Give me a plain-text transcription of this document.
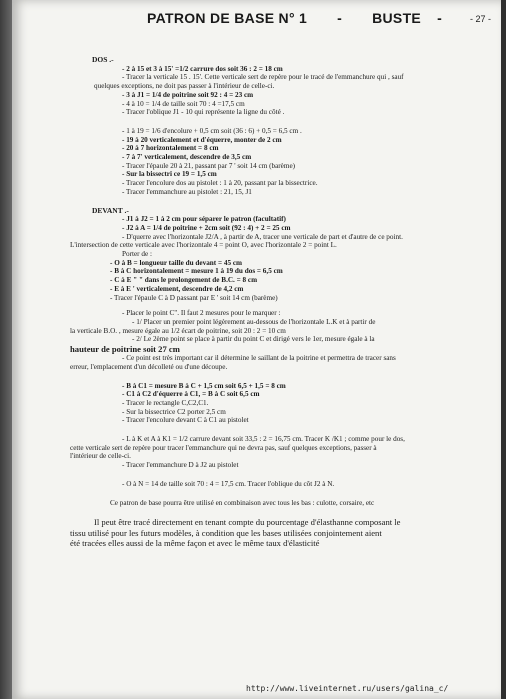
PATRON DE BASE N° 1 - BUSTE -	- 27 -
DOS .-
- 2 à 15 et 3 à 15' =1/2 carrure dos soit 36 : 2 = 18 cm
- Tracer la verticale 15 . 15'. Cette verticale sert de repère pour le tracé de l'emmanchure qui , sauf
quelques exceptions, ne doit pas passer à l'intérieur de celle-ci.
- 3 à J1 = 1/4 de poitrine soit 92 : 4 = 23 cm
- 4 à 10 = 1/4 de taille soit 70 : 4 =17,5 cm
- Tracer l'oblique J1 - 10 qui représente la ligne du côté .
- 1 à 19 = 1/6 d'encolure + 0,5 cm soit (36 : 6) + 0,5 = 6,5 cm .
- 19 à 20 verticalement et d'équerre, monter de 2 cm
- 20 à 7 horizontalement = 8 cm
- 7 à 7' verticalement, descendre de 3,5 cm
- Tracer l'épaule 20 à 21, passant par 7 ' soit 14 cm (barème)
- Sur la bissectri ce 19 = 1,5 cm
- Tracer l'encolure dos au pistolet : 1 à 20, passant par la bissectrice.
- Tracer l'emmanchure au pistolet : 21, 15, J1
DEVANT .-
- J1 à J2 = 1 à 2 cm pour séparer le patron (facultatif)
- J2 à A = 1/4 de poitrine + 2cm soit (92 : 4) + 2 = 25 cm
- D'querre avec l'horizontale J2/A , à partir de A, tracer une verticale de part et d'autre de ce point.
L'intersection de cette verticale avec l'horizontale 4 = point O, avec l'horizontale 2 = point L.
Porter de :
- O à B = longueur taille du devant = 45 cm
- B à C horizontalement = mesure 1 à 19 du dos = 6,5 cm
- C à E " " dans le prolongement de B.C. = 8 cm
- E à E ' verticalement, descendre de 4,2 cm
- Tracer l'épaule C à D passant par E ' soit 14 cm (barème)
- Placer le point C". Il faut 2 mesures pour le marquer :
- 1/ Placer un premier point légèrement au-dessous de l'horizontale L.K et à partir de
la verticale B.O. , mesure égale au 1/2 écart de poitrine, soit 20 : 2 = 10 cm
- 2/ Le 2ème point se place à partir du point C et dirigé vers le 1er, mesure égale à la
hauteur de poitrine soit 27 cm
- Ce point est très important car il détermine le saillant de la poitrine et permettra de tracer sans
erreur, l'emplacement d'un décolleté ou d'une découpe.
- B à C1 = mesure B à C + 1,5 cm soit 6,5 + 1,5 = 8 cm
- C1 à C2 d'équerre à C1, = B à C soit 6,5 cm
- Tracer le rectangle C,C2,C1.
- Sur la bissectrice C2 porter 2,5 cm
- Tracer l'encolure devant C à C1 au pistolet
- L à K et A à K1 = 1/2 carrure devant soit 33,5 : 2 = 16,75 cm. Tracer K /K1 ; comme pour le dos,
cette verticale sert de repère pour tracer l'emmanchure qui ne devra pas, sauf quelques exceptions, passer à
l'intérieur de celle-ci.
- Tracer l'emmanchure D à J2 au pistolet
- O à N = 14 de taille soit 70 : 4 = 17,5 cm. Tracer l'oblique du côt J2 à N.
Ce patron de base pourra être utilisé en combinaison avec tous les bas : culotte, corsaire, etc
Il peut être tracé directement en tenant compte du pourcentage d'élasthanne composant le
tissu utilisé pour les futurs modèles, à condition que les bases utilisées conjointement aient
été tracées elles aussi de la même façon et avec le même taux d'élasticité
http://www.liveinternet.ru/users/galina_c/
